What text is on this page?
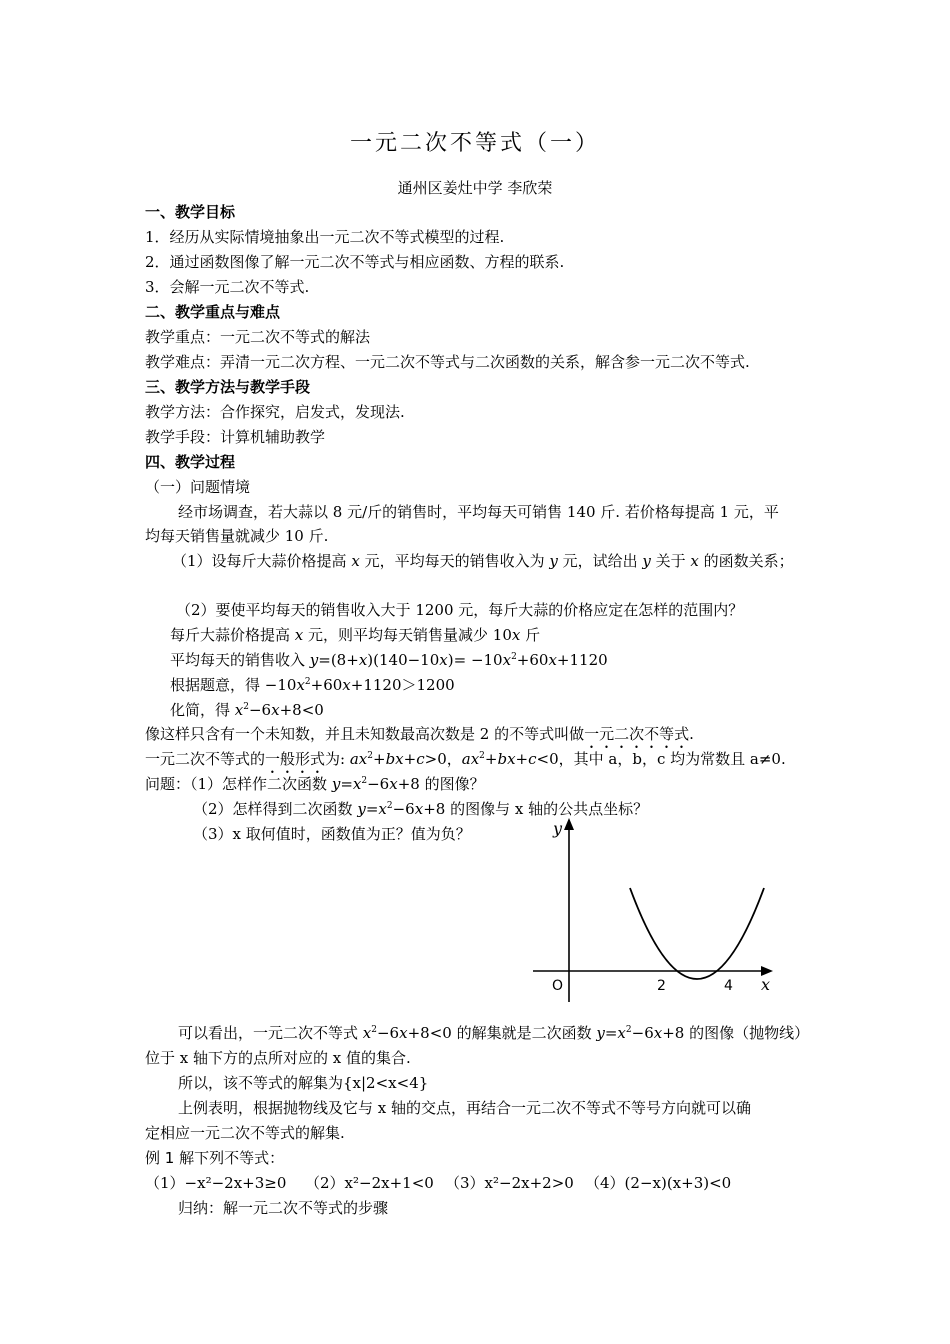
一元二次不等式（一）
通州区姜灶中学 李欣荣
一、教学目标
1．经历从实际情境抽象出一元二次不等式模型的过程.
2．通过函数图像了解一元二次不等式与相应函数、方程的联系.
3．会解一元二次不等式.
二、教学重点与难点
教学重点：一元二次不等式的解法
教学难点：弄清一元二次方程、一元二次不等式与二次函数的关系，解含参一元二次不等式.
三、教学方法与教学手段
教学方法：合作探究，启发式，发现法.
教学手段：计算机辅助教学
四、教学过程
（一）问题情境
经市场调查，若大蒜以 8 元/斤的销售时，平均每天可销售 140 斤. 若价格每提高 1 元，平
均每天销售量就减少 10 斤.
（1）设每斤大蒜价格提高 x 元，平均每天的销售收入为 y 元，试给出 y 关于 x 的函数关系；
（2）要使平均每天的销售收入大于 1200 元，每斤大蒜的价格应定在怎样的范围内？
每斤大蒜价格提高 x 元，则平均每天销售量减少 10x 斤
平均每天的销售收入 $y=(8+x)(140-10x)= -10x^2+60x+1120$
根据题意，得 $-10x^2+60x+1120>1200$
化简，得 $x^2-6x+8<0$
像这样只含有一个未知数，并且未知数最高次数是 2 的不等式叫做一元二次不等式.
一元二次不等式的一般形式为: $ax^2+bx+c>0$，$ax^2+bx+c<0$，其中 a，b，c 均为常数且 a≠0.
问题：（1）怎样作二次函数 $y=x^2-6x+8$ 的图像？
（2）怎样得到二次函数 $y=x^2-6x+8$ 的图像与 x 轴的公共点坐标？
（3）x 取何值时，函数值为正？值为负？	y
x
O	2	4
可以看出，一元二次不等式 $x^2-6x+8<0$ 的解集就是二次函数 $y=x^2-6x+8$ 的图像（抛物线）
位于 x 轴下方的点所对应的 x 值的集合.
所以，该不等式的解集为{x|2<x<4}
上例表明，根据抛物线及它与 x 轴的交点，再结合一元二次不等式不等号方向就可以确
定相应一元二次不等式的解集.
例 1 解下列不等式：
（1）−x²−2x+3≥0 （2）x²−2x+1<0 （3）x²−2x+2>0 （4）(2−x)(x+3)<0
归纳：解一元二次不等式的步骤
